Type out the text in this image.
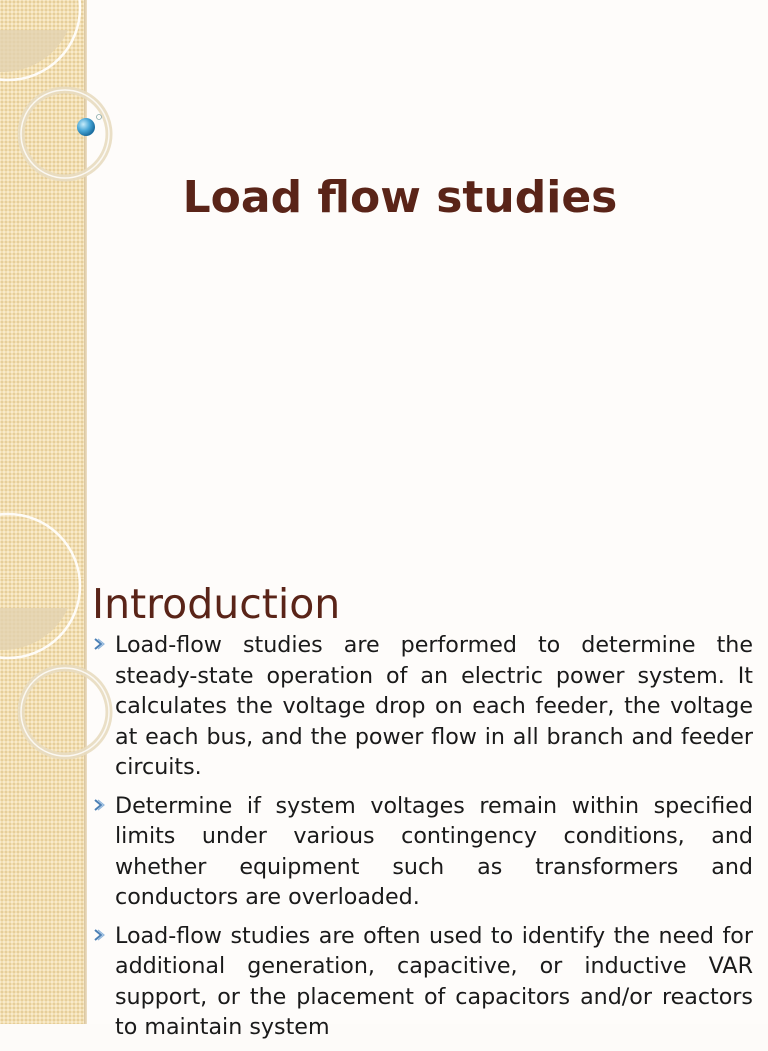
Load flow studies
Introduction
Load-flow studies are performed to determine the steady-state operation of an electric power system. It calculates the voltage drop on each feeder, the voltage at each bus, and the power flow in all branch and feeder circuits.
Determine if system voltages remain within specified limits under various contingency conditions, and whether equipment such as transformers and conductors are overloaded.
Load-flow studies are often used to identify the need for additional generation, capacitive, or inductive VAR support, or the placement of capacitors and/or reactors to maintain system
